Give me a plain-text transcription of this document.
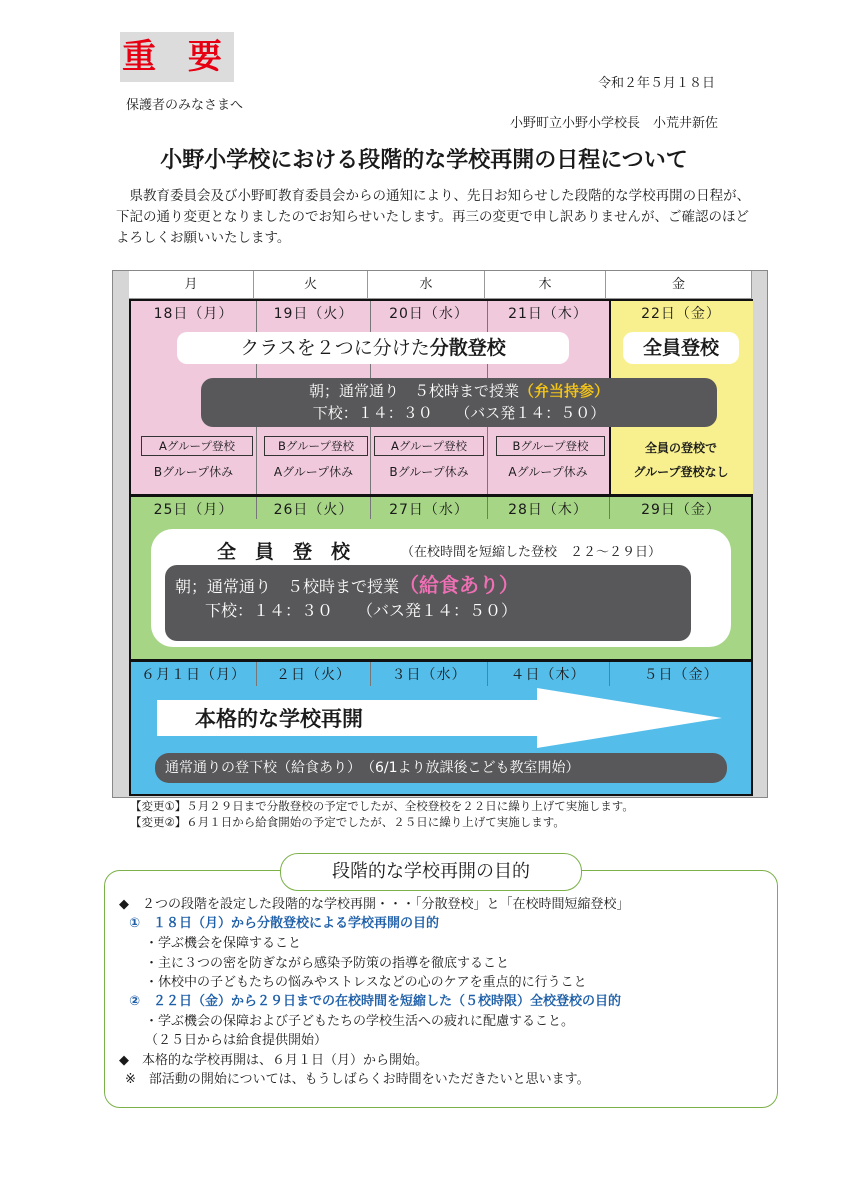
重 要
令和２年５月１８日
保護者のみなさまへ
小野町立小野小学校長　小荒井新佐
小野小学校における段階的な学校再開の日程について
県教育委員会及び小野町教育委員会からの通知により、先日お知らせした段階的な学校再開の日程が、下記の通り変更となりましたのでお知らせいたします。再三の変更で申し訳ありませんが、ご確認のほどよろしくお願いいたします。
月	火	水	木	金
18日（月）	19日（火）	20日（水）	21日（木）	22日（金）
クラスを２つに分けた分散登校	全員登校
朝；通常通り　５校時まで授業（弁当持参）
下校：１４：３０　　（バス発１４：５０）
Aグループ登校	Bグループ登校	Aグループ登校	Bグループ登校
Bグループ休み	Aグループ休み	Bグループ休み	Aグループ休み
全員の登校で
グループ登校なし
25日（月）	26日（火）	27日（水）	28日（木）	29日（金）
全　員　登　校	（在校時間を短縮した登校　２２～２９日）
朝；通常通り　５校時まで授業（給食あり）
下校：１４：３０　　（バス発１４：５０）
６月１日（月）	２日（火）	３日（水）	４日（木）	５日（金）
本格的な学校再開
通常通りの登下校（給食あり）　（6/1より放課後こども教室開始）
【変更①】５月２９日まで分散登校の予定でしたが、全校登校を２２日に繰り上げて実施します。
【変更②】６月１日から給食開始の予定でしたが、２５日に繰り上げて実施します。
◆　２つの段階を設定した段階的な学校再開・・・「分散登校」と「在校時間短縮登校」
①　１８日（月）から分散登校による学校再開の目的
・学ぶ機会を保障すること
・主に３つの密を防ぎながら感染予防策の指導を徹底すること
・休校中の子どもたちの悩みやストレスなどの心のケアを重点的に行うこと
②　２２日（金）から２９日までの在校時間を短縮した（５校時限）全校登校の目的
・学ぶ機会の保障および子どもたちの学校生活への疲れに配慮すること。
（２５日からは給食提供開始）
◆　本格的な学校再開は、６月１日（月）から開始。
※　部活動の開始については、もうしばらくお時間をいただきたいと思います。
段階的な学校再開の目的
